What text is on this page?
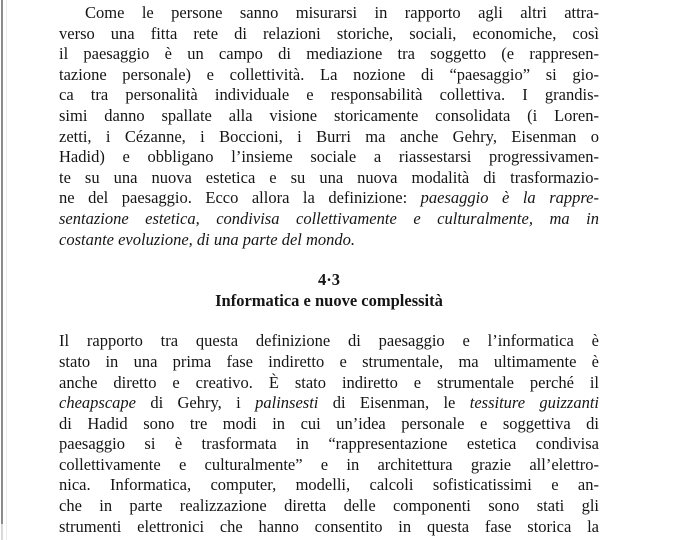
Come le persone sanno misurarsi in rapporto agli altri attra-
verso una fitta rete di relazioni storiche, sociali, economiche, così
il paesaggio è un campo di mediazione tra soggetto (e rappresen-
tazione personale) e collettività. La nozione di “paesaggio” si gio-
ca tra personalità individuale e responsabilità collettiva. I grandis-
simi danno spallate alla visione storicamente consolidata (i Loren-
zetti, i Cézanne, i Boccioni, i Burri ma anche Gehry, Eisenman o
Hadid) e obbligano l’insieme sociale a riassestarsi progressivamen-
te su una nuova estetica e su una nuova modalità di trasformazio-
ne del paesaggio. Ecco allora la definizione: paesaggio è la rappre-
sentazione estetica, condivisa collettivamente e culturalmente, ma in
costante evoluzione, di una parte del mondo.
4·3
Informatica e nuove complessità
Il rapporto tra questa definizione di paesaggio e l’informatica è
stato in una prima fase indiretto e strumentale, ma ultimamente è
anche diretto e creativo. È stato indiretto e strumentale perché il
cheapscape di Gehry, i palinsesti di Eisenman, le tessiture guizzanti
di Hadid sono tre modi in cui un’idea personale e soggettiva di
paesaggio si è trasformata in “rappresentazione estetica condivisa
collettivamente e culturalmente” e in architettura grazie all’elettro-
nica. Informatica, computer, modelli, calcoli sofisticatissimi e an-
che in parte realizzazione diretta delle componenti sono stati gli
strumenti elettronici che hanno consentito in questa fase storica la
